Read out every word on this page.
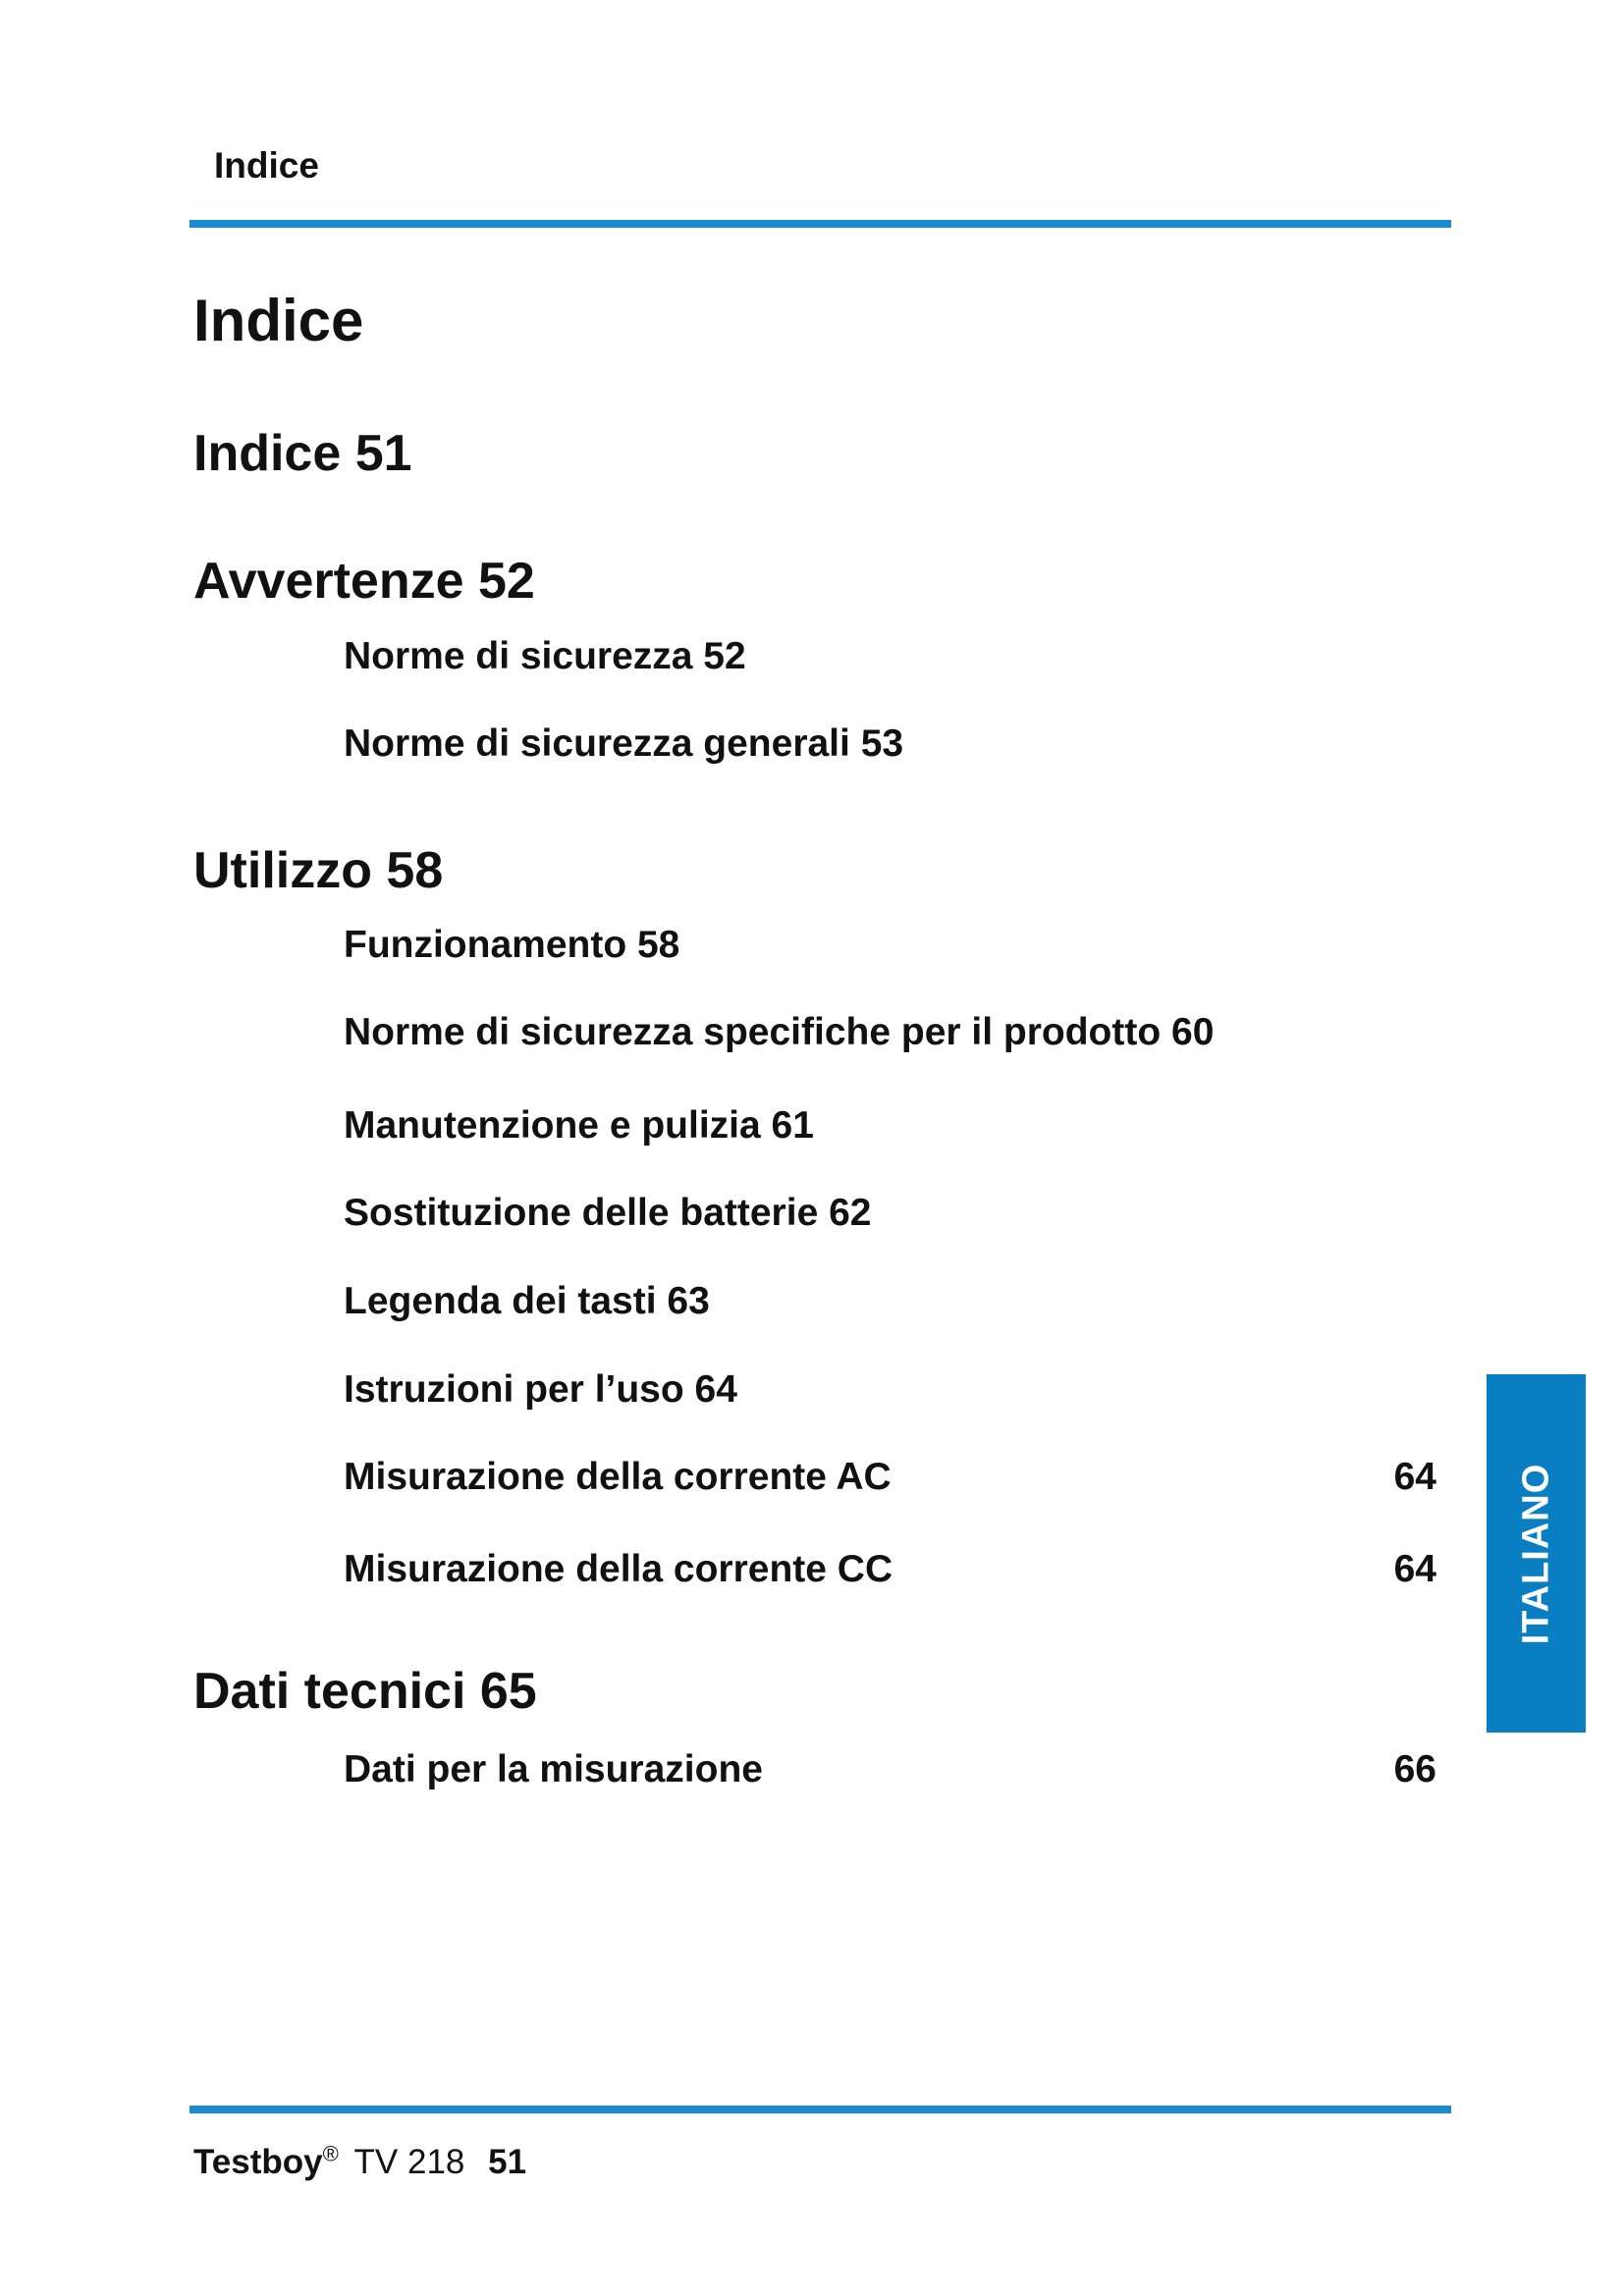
Indice
Indice
Indice 51
Avvertenze 52
Norme di sicurezza 52
Norme di sicurezza generali 53
Utilizzo 58
Funzionamento 58
Norme di sicurezza specifiche per il prodotto 60
Manutenzione e pulizia 61
Sostituzione delle batterie 62
Legenda dei tasti 63
Istruzioni per l’uso 64
Misurazione della corrente AC	64
Misurazione della corrente CC	64
Dati tecnici 65
Dati per la misurazione	66
ITALIANO
Testboy® TV 218 51
